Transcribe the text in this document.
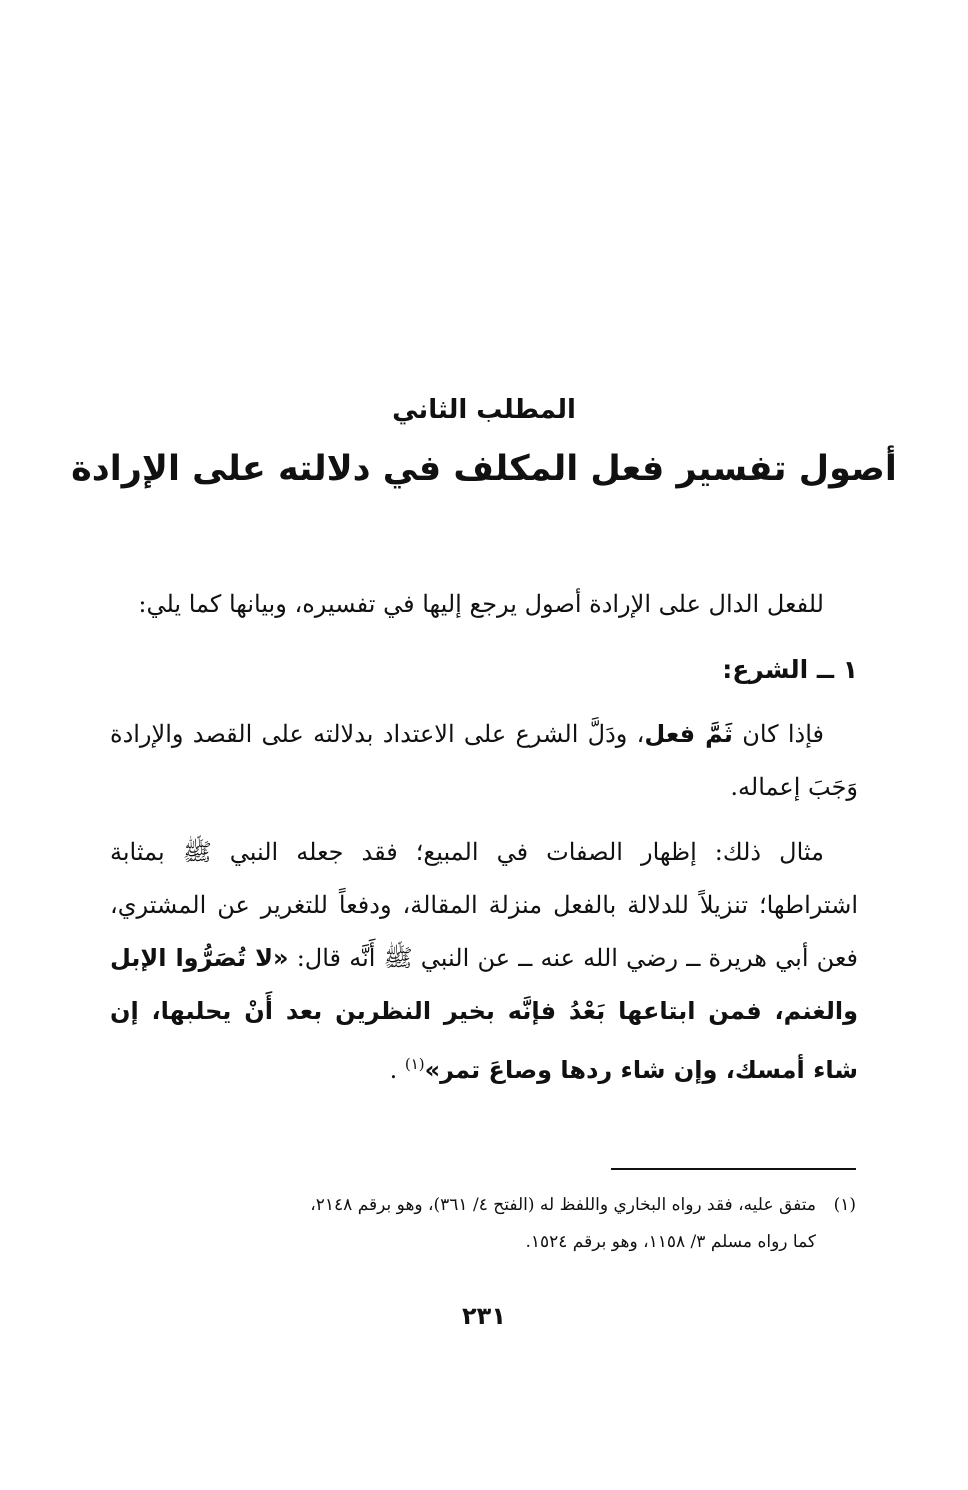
المطلب الثاني
أصول تفسير فعل المكلف في دلالته على الإرادة

للفعل الدال على الإرادة أصول يرجع إليها في تفسيره، وبيانها كما يلي:

١ ــ الشرع:

فإذا كان ثَمَّ فعل، ودَلَّ الشرع على الاعتداد بدلالته على القصد والإرادة وَجَبَ إعماله.

مثال ذلك: إظهار الصفات في المبيع؛ فقد جعله النبي ﷺ بمثابة اشتراطها؛ تنزيلاً للدلالة بالفعل منزلة المقالة، ودفعاً للتغرير عن المشتري، فعن أبي هريرة ــ رضي الله عنه ــ عن النبي ﷺ أَنَّه قال: «لا تُصَرُّوا الإبل والغنم، فمن ابتاعها بَعْدُ فإنَّه بخير النظرين بعد أَنْ يحلبها، إن شاء أمسك، وإن شاء ردها وصاعَ تمر»$^{(١)}$ .

(١)متفق عليه، فقد رواه البخاري واللفظ له (الفتح ٤/ ٣٦١)، وهو برقم ٢١٤٨،

كما رواه مسلم ٣/ ١١٥٨، وهو برقم ١٥٢٤.

٢٣١
